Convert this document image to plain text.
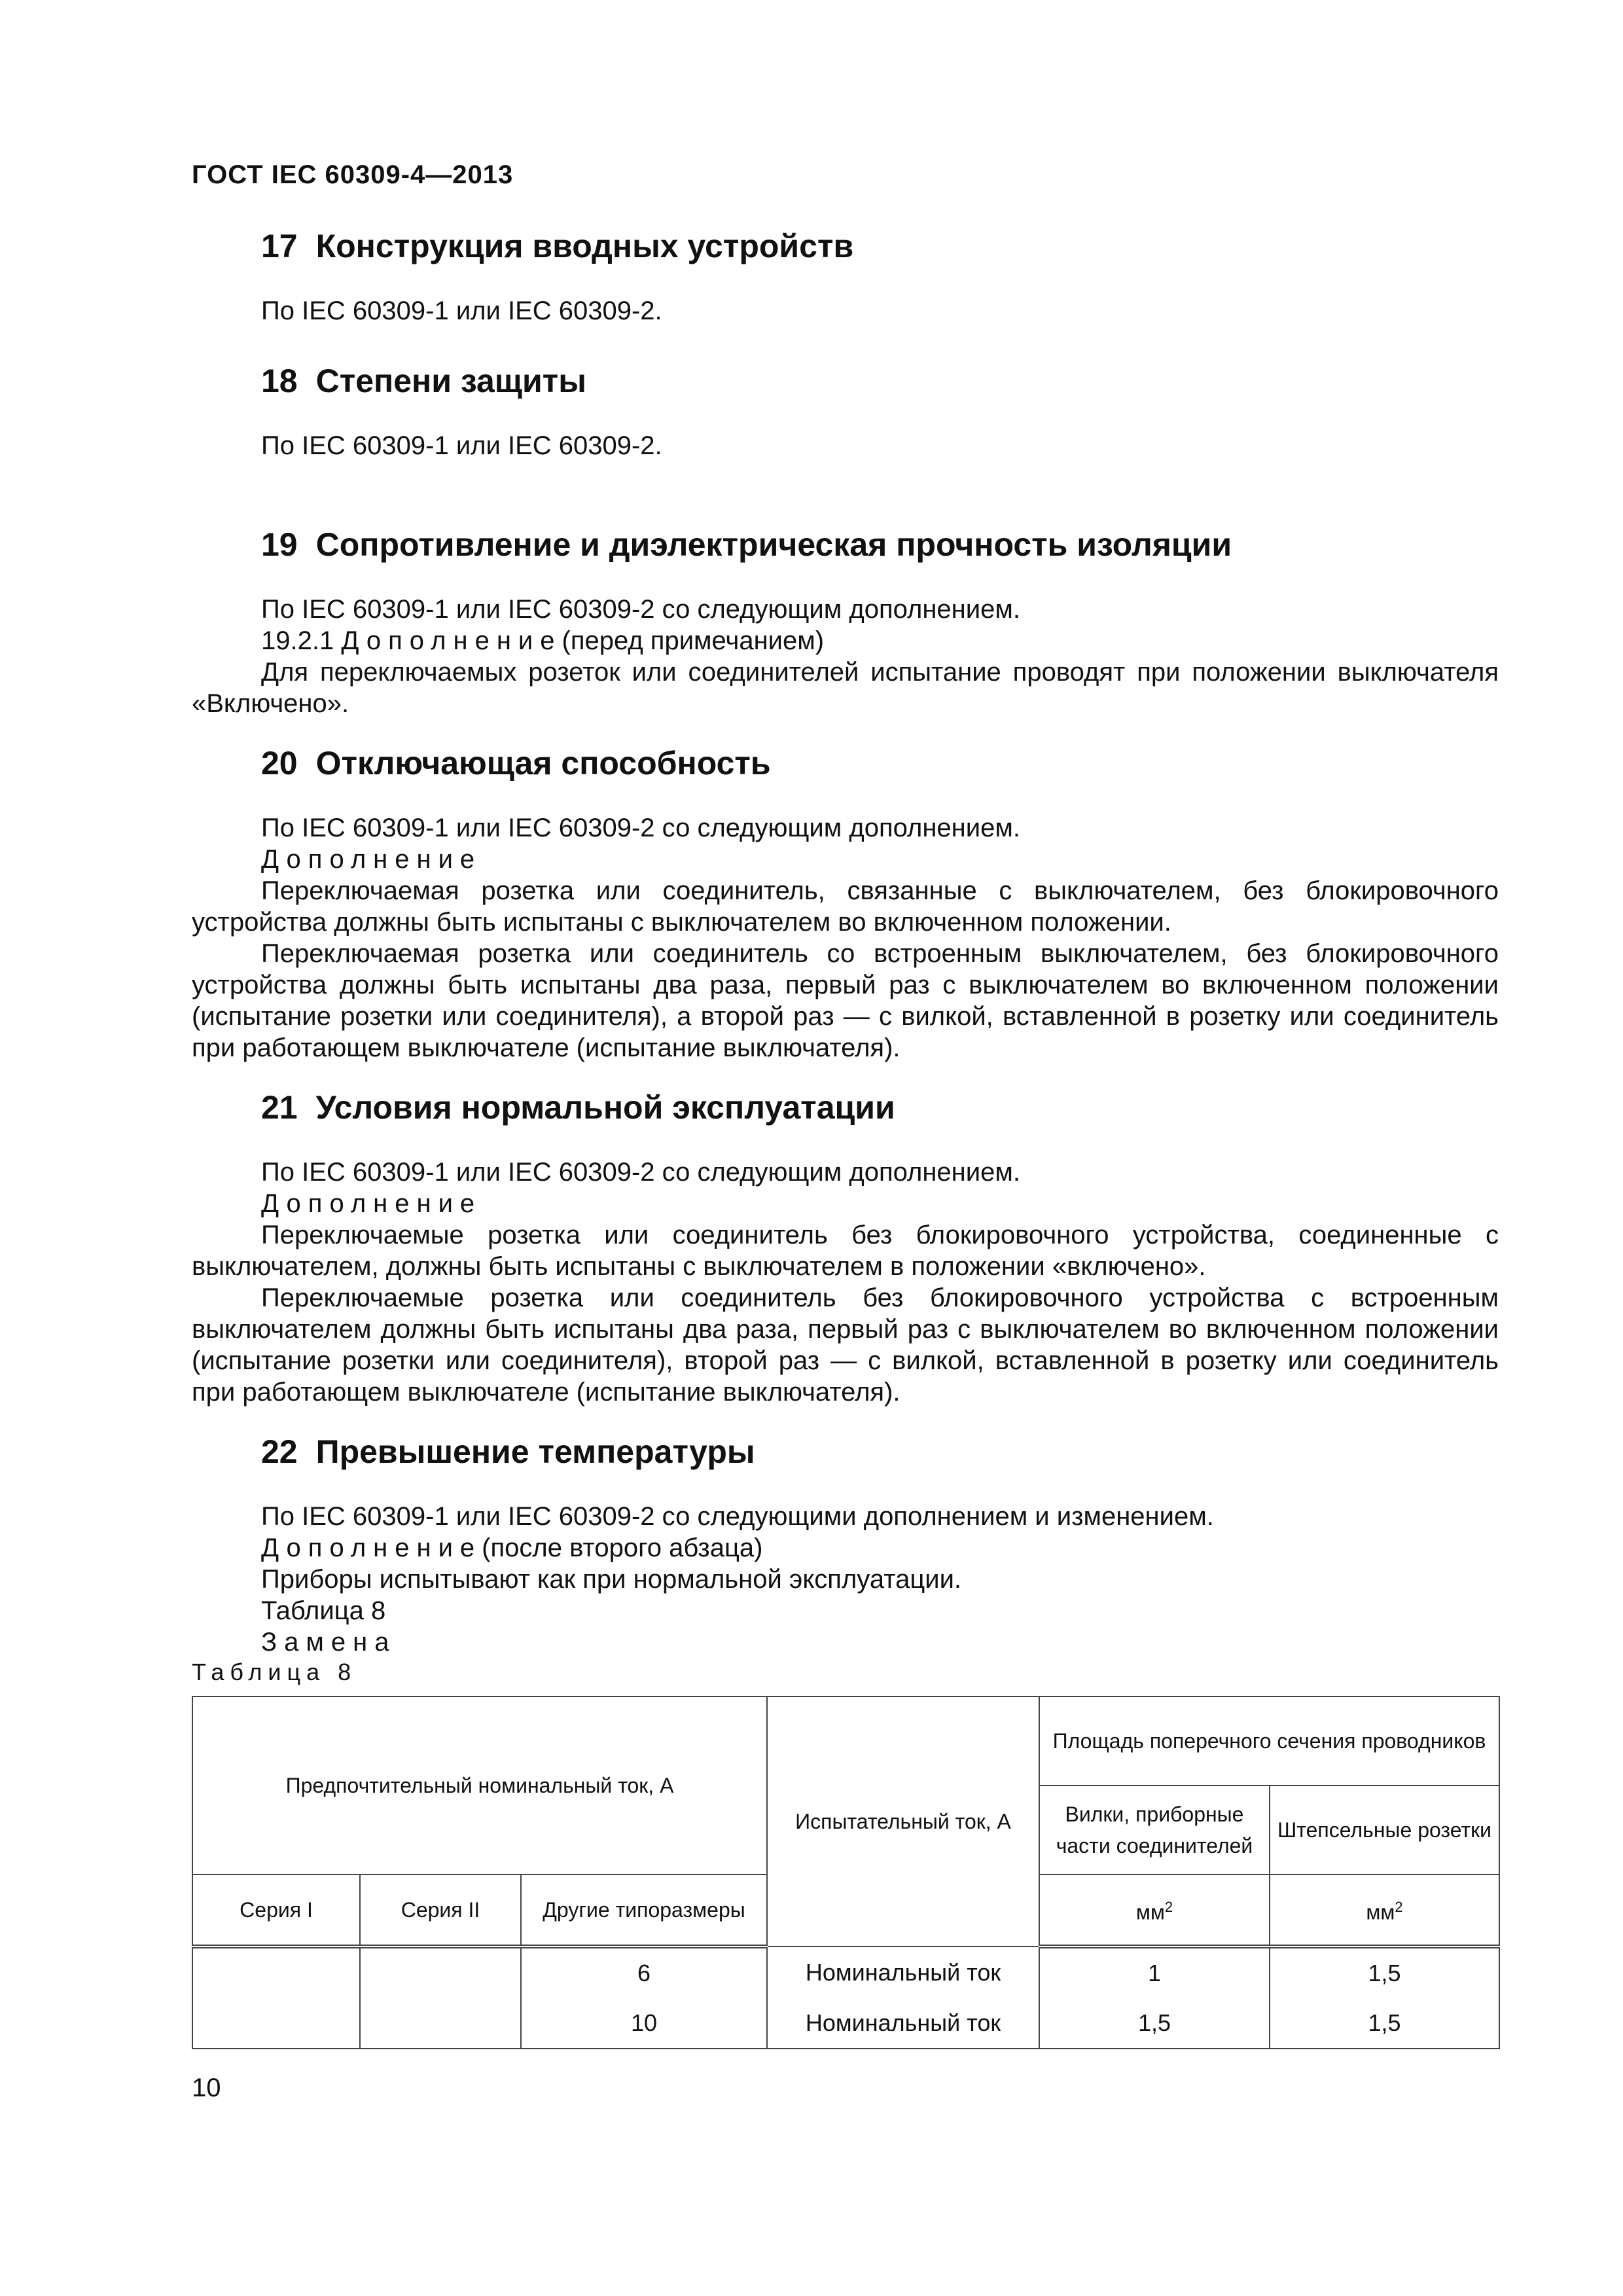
ГОСТ IEC 60309-4—2013
17 Конструкция вводных устройств

По IEC 60309-1 или IEC 60309-2.

18 Степени защиты

По IEC 60309-1 или IEC 60309-2.

19 Сопротивление и диэлектрическая прочность изоляции

По IEC 60309-1 или IEC 60309-2 со следующим дополнением.

19.2.1 Дополнение(перед примечанием)

Для переключаемых розеток или соединителей испытание проводят при положении выключателя «Включено».

20 Отключающая способность

По IEC 60309-1 или IEC 60309-2 со следующим дополнением.

Дополнение

Переключаемая розетка или соединитель, связанные с выключателем, без блокировочного устройства должны быть испытаны с выключателем во включенном положении.

Переключаемая розетка или соединитель со встроенным выключателем, без блокировочного устройства должны быть испытаны два раза, первый раз с выключателем во включенном положении (испытание розетки или соединителя), а второй раз — с вилкой, вставленной в розетку или соединитель при работающем выключателе (испытание выключателя).

21 Условия нормальной эксплуатации

По IEC 60309-1 или IEC 60309-2 со следующим дополнением.

Дополнение

Переключаемые розетка или соединитель без блокировочного устройства, соединенные с выключателем, должны быть испытаны с выключателем в положении «включено».

Переключаемые розетка или соединитель без блокировочного устройства с встроенным выключателем должны быть испытаны два раза, первый раз с выключателем во включенном положении (испытание розетки или соединителя), второй раз — с вилкой, вставленной в розетку или соединитель при работающем выключателе (испытание выключателя).

22 Превышение температуры

По IEC 60309-1 или IEC 60309-2 со следующими дополнением и изменением.

Дополнение(после второго абзаца)

Приборы испытывают как при нормальной эксплуатации.

Таблица 8

Замена

Таблица 8
Предпочтительный номинальный ток, А			Испытательный ток, А	Площадь поперечного сечения проводников	
				Вилки, приборные части соединителей	Штепсельные розетки
Серия I	Серия II	Другие типоразмеры		$мм^2$	$мм^2$
		6	Номинальный ток	1	1,5
		10	Номинальный ток	1,5	1,5
10
